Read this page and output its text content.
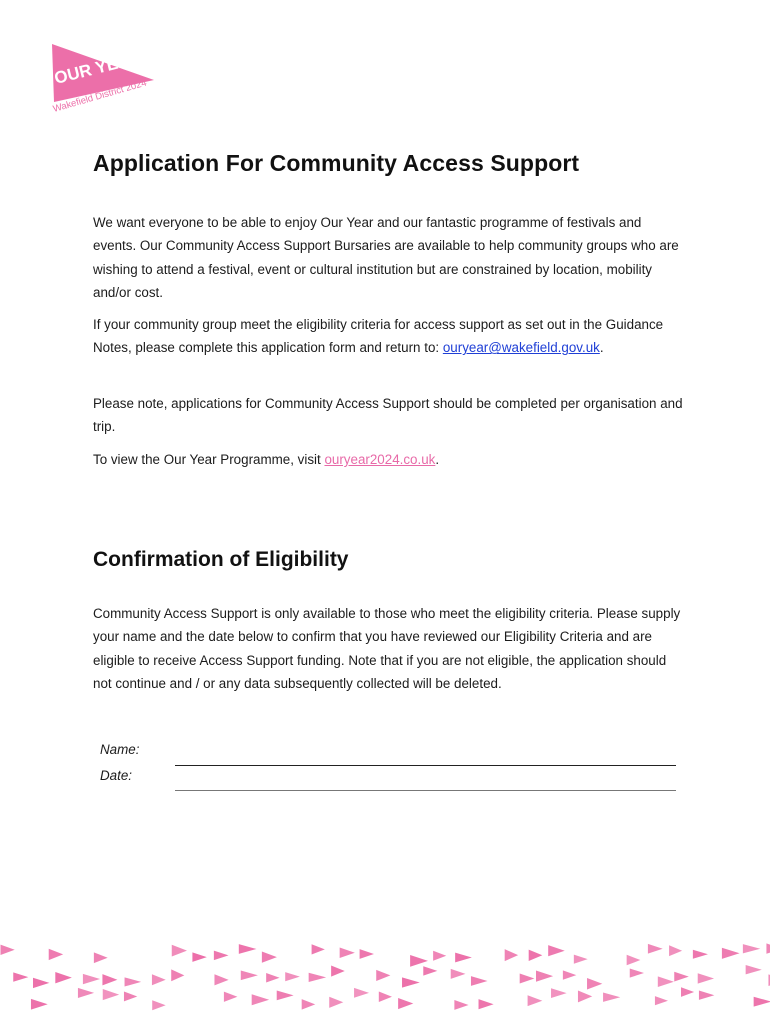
OUR YEAR
Wakefield District 2024
Application For Community Access Support

We want everyone to be able to enjoy Our Year and our fantastic programme of festivals and events. Our Community Access Support Bursaries are available to help community groups who are wishing to attend a festival, event or cultural institution but are constrained by location, mobility and/or cost.

If your community group meet the eligibility criteria for access support as set out in the Guidance Notes, please complete this application form and return to: ouryear@wakefield.gov.uk.

Please note, applications for Community Access Support should be completed per organisation and trip.

To view the Our Year Programme, visit ouryear2024.co.uk.

Confirmation of Eligibility

Community Access Support is only available to those who meet the eligibility criteria. Please supply your name and the date below to confirm that you have reviewed our Eligibility Criteria and are eligible to receive Access Support funding. Note that if you are not eligible, the application should not continue and / or any data subsequently collected will be deleted.

Name:
Date:
